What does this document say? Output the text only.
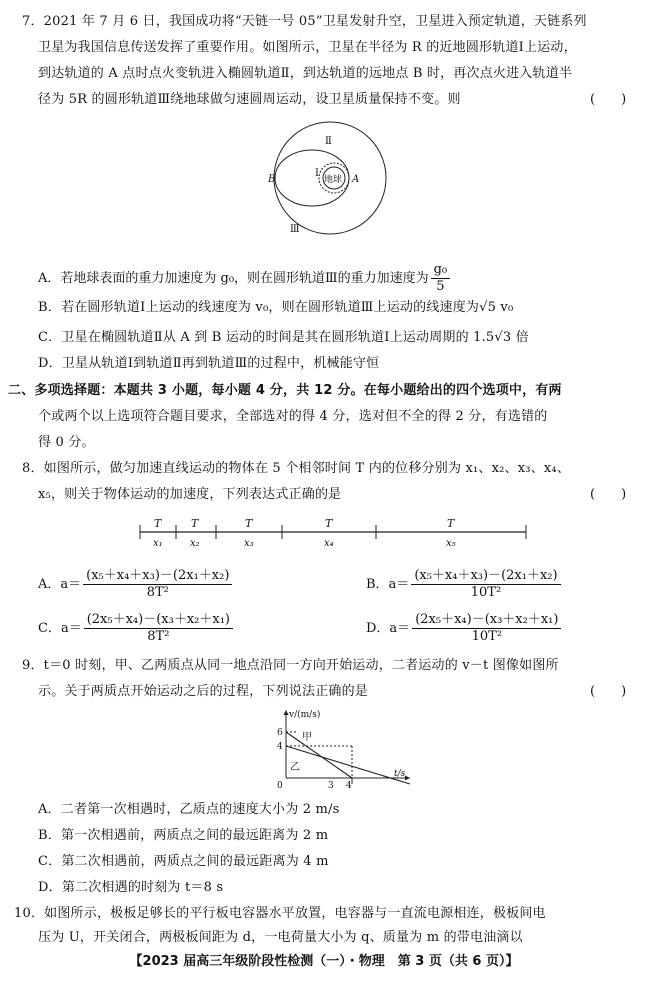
7．2021 年 7 月 6 日，我国成功将“天链一号 05”卫星发射升空，卫星进入预定轨道，天链系列
卫星为我国信息传送发挥了重要作用。如图所示，卫星在半径为 R 的近地圆形轨道Ⅰ上运动，
到达轨道的 A 点时点火变轨进入椭圆轨道Ⅱ，到达轨道的远地点 B 时，再次点火进入轨道半
径为 5R 的圆形轨道Ⅲ绕地球做匀速圆周运动，设卫星质量保持不变。则	(　　)
地球
Ⅰ
Ⅱ
Ⅲ
A
B
A．若地球表面的重力加速度为 g₀，则在圆形轨道Ⅲ的重力加速度为 $\frac{\text{g₀}}{5}$
B．若在圆形轨道Ⅰ上运动的线速度为 v₀，则在圆形轨道Ⅲ上运动的线速度为√5 v₀
C．卫星在椭圆轨道Ⅱ从 A 到 B 运动的时间是其在圆形轨道Ⅰ上运动周期的 1.5√3 倍
D．卫星从轨道Ⅰ到轨道Ⅱ再到轨道Ⅲ的过程中，机械能守恒
二、多项选择题：本题共 3 小题，每小题 4 分，共 12 分。在每小题给出的四个选项中，有两
个或两个以上选项符合题目要求，全部选对的得 4 分，选对但不全的得 2 分，有选错的
得 0 分。
8．如图所示，做匀加速直线运动的物体在 5 个相邻时间 T 内的位移分别为 x₁、x₂、x₃、x₄、
x₅，则关于物体运动的加速度，下列表达式正确的是	(　　)
T	T	T	T	T
x₁	x₂	x₃	x₄	x₅
A．$a= \frac{\text{(x₅＋x₄＋x₃)－(2x₁＋x₂)}}{\text{8T²}}$	B．$a= \frac{\text{(x₅＋x₄＋x₃)－(2x₁＋x₂)}}{\text{10T²}}$
C．$a= \frac{\text{(2x₅＋x₄)－(x₃＋x₂＋x₁)}}{\text{8T²}}$	D．$a= \frac{\text{(2x₅＋x₄)－(x₃＋x₂＋x₁)}}{\text{10T²}}$
9．t＝0 时刻，甲、乙两质点从同一地点沿同一方向开始运动，二者运动的 v－t 图像如图所
示。关于两质点开始运动之后的过程，下列说法正确的是	(　　)
v/(m/s)
t/s
6
4
0	3 4
甲
乙
A．二者第一次相遇时，乙质点的速度大小为 2 m/s
B．第一次相遇前，两质点之间的最远距离为 2 m
C．第二次相遇前，两质点之间的最远距离为 4 m
D．第二次相遇的时刻为 t＝8 s
10．如图所示，极板足够长的平行板电容器水平放置，电容器与一直流电源相连，极板间电
压为 U，开关闭合，两极板间距为 d，一电荷量大小为 q、质量为 m 的带电油滴以
【2023 届高三年级阶段性检测（一）・物理　第 3 页（共 6 页）】
